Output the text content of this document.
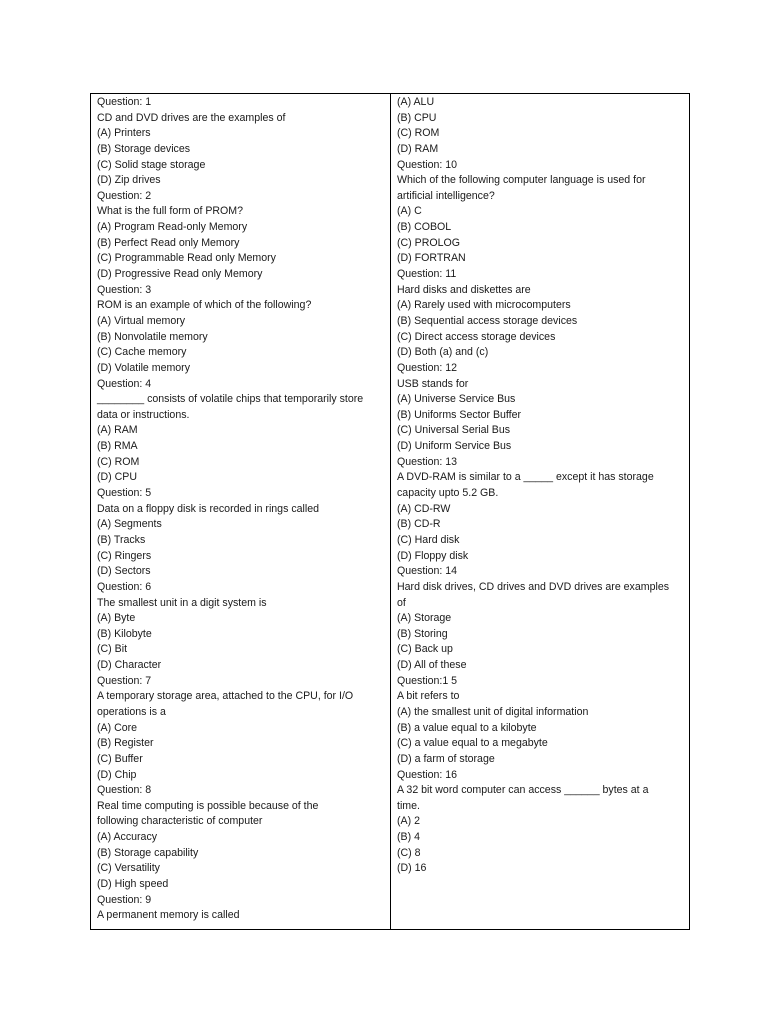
Question: 1
CD and DVD drives are the examples of
(A) Printers
(B) Storage devices
(C) Solid stage storage
(D) Zip drives
Question: 2
What is the full form of PROM?
(A) Program Read-only Memory
(B) Perfect Read only Memory
(C) Programmable Read only Memory
(D) Progressive Read only Memory
Question: 3
ROM is an example of which of the following?
(A) Virtual memory
(B) Nonvolatile memory
(C) Cache memory
(D) Volatile memory
Question: 4
________ consists of volatile chips that temporarily store
data or instructions.
(A) RAM
(B) RMA
(C) ROM
(D) CPU
Question: 5
Data on a floppy disk is recorded in rings called
(A) Segments
(B) Tracks
(C) Ringers
(D) Sectors
Question: 6
The smallest unit in a digit system is
(A) Byte
(B) Kilobyte
(C) Bit
(D) Character
Question: 7
A temporary storage area, attached to the CPU, for I/O
operations is a
(A) Core
(B) Register
(C) Buffer
(D) Chip
Question: 8
Real time computing is possible because of the
following characteristic of computer
(A) Accuracy
(B) Storage capability
(C) Versatility
(D) High speed
Question: 9
A permanent memory is called
(A) ALU
(B) CPU
(C) ROM
(D) RAM
Question: 10
Which of the following computer language is used for
artificial intelligence?
(A) C
(B) COBOL
(C) PROLOG
(D) FORTRAN
Question: 11
Hard disks and diskettes are
(A) Rarely used with microcomputers
(B) Sequential access storage devices
(C) Direct access storage devices
(D) Both (a) and (c)
Question: 12
USB stands for
(A) Universe Service Bus
(B) Uniforms Sector Buffer
(C) Universal Serial Bus
(D) Uniform Service Bus
Question: 13
A DVD-RAM is similar to a _____ except it has storage
capacity upto 5.2 GB.
(A) CD-RW
(B) CD-R
(C) Hard disk
(D) Floppy disk
Question: 14
Hard disk drives, CD drives and DVD drives are examples
of
(A) Storage
(B) Storing
(C) Back up
(D) All of these
Question:1 5
A bit refers to
(A) the smallest unit of digital information
(B) a value equal to a kilobyte
(C) a value equal to a megabyte
(D) a farm of storage
Question: 16
A 32 bit word computer can access ______ bytes at a
time.
(A) 2
(B) 4
(C) 8
(D) 16
